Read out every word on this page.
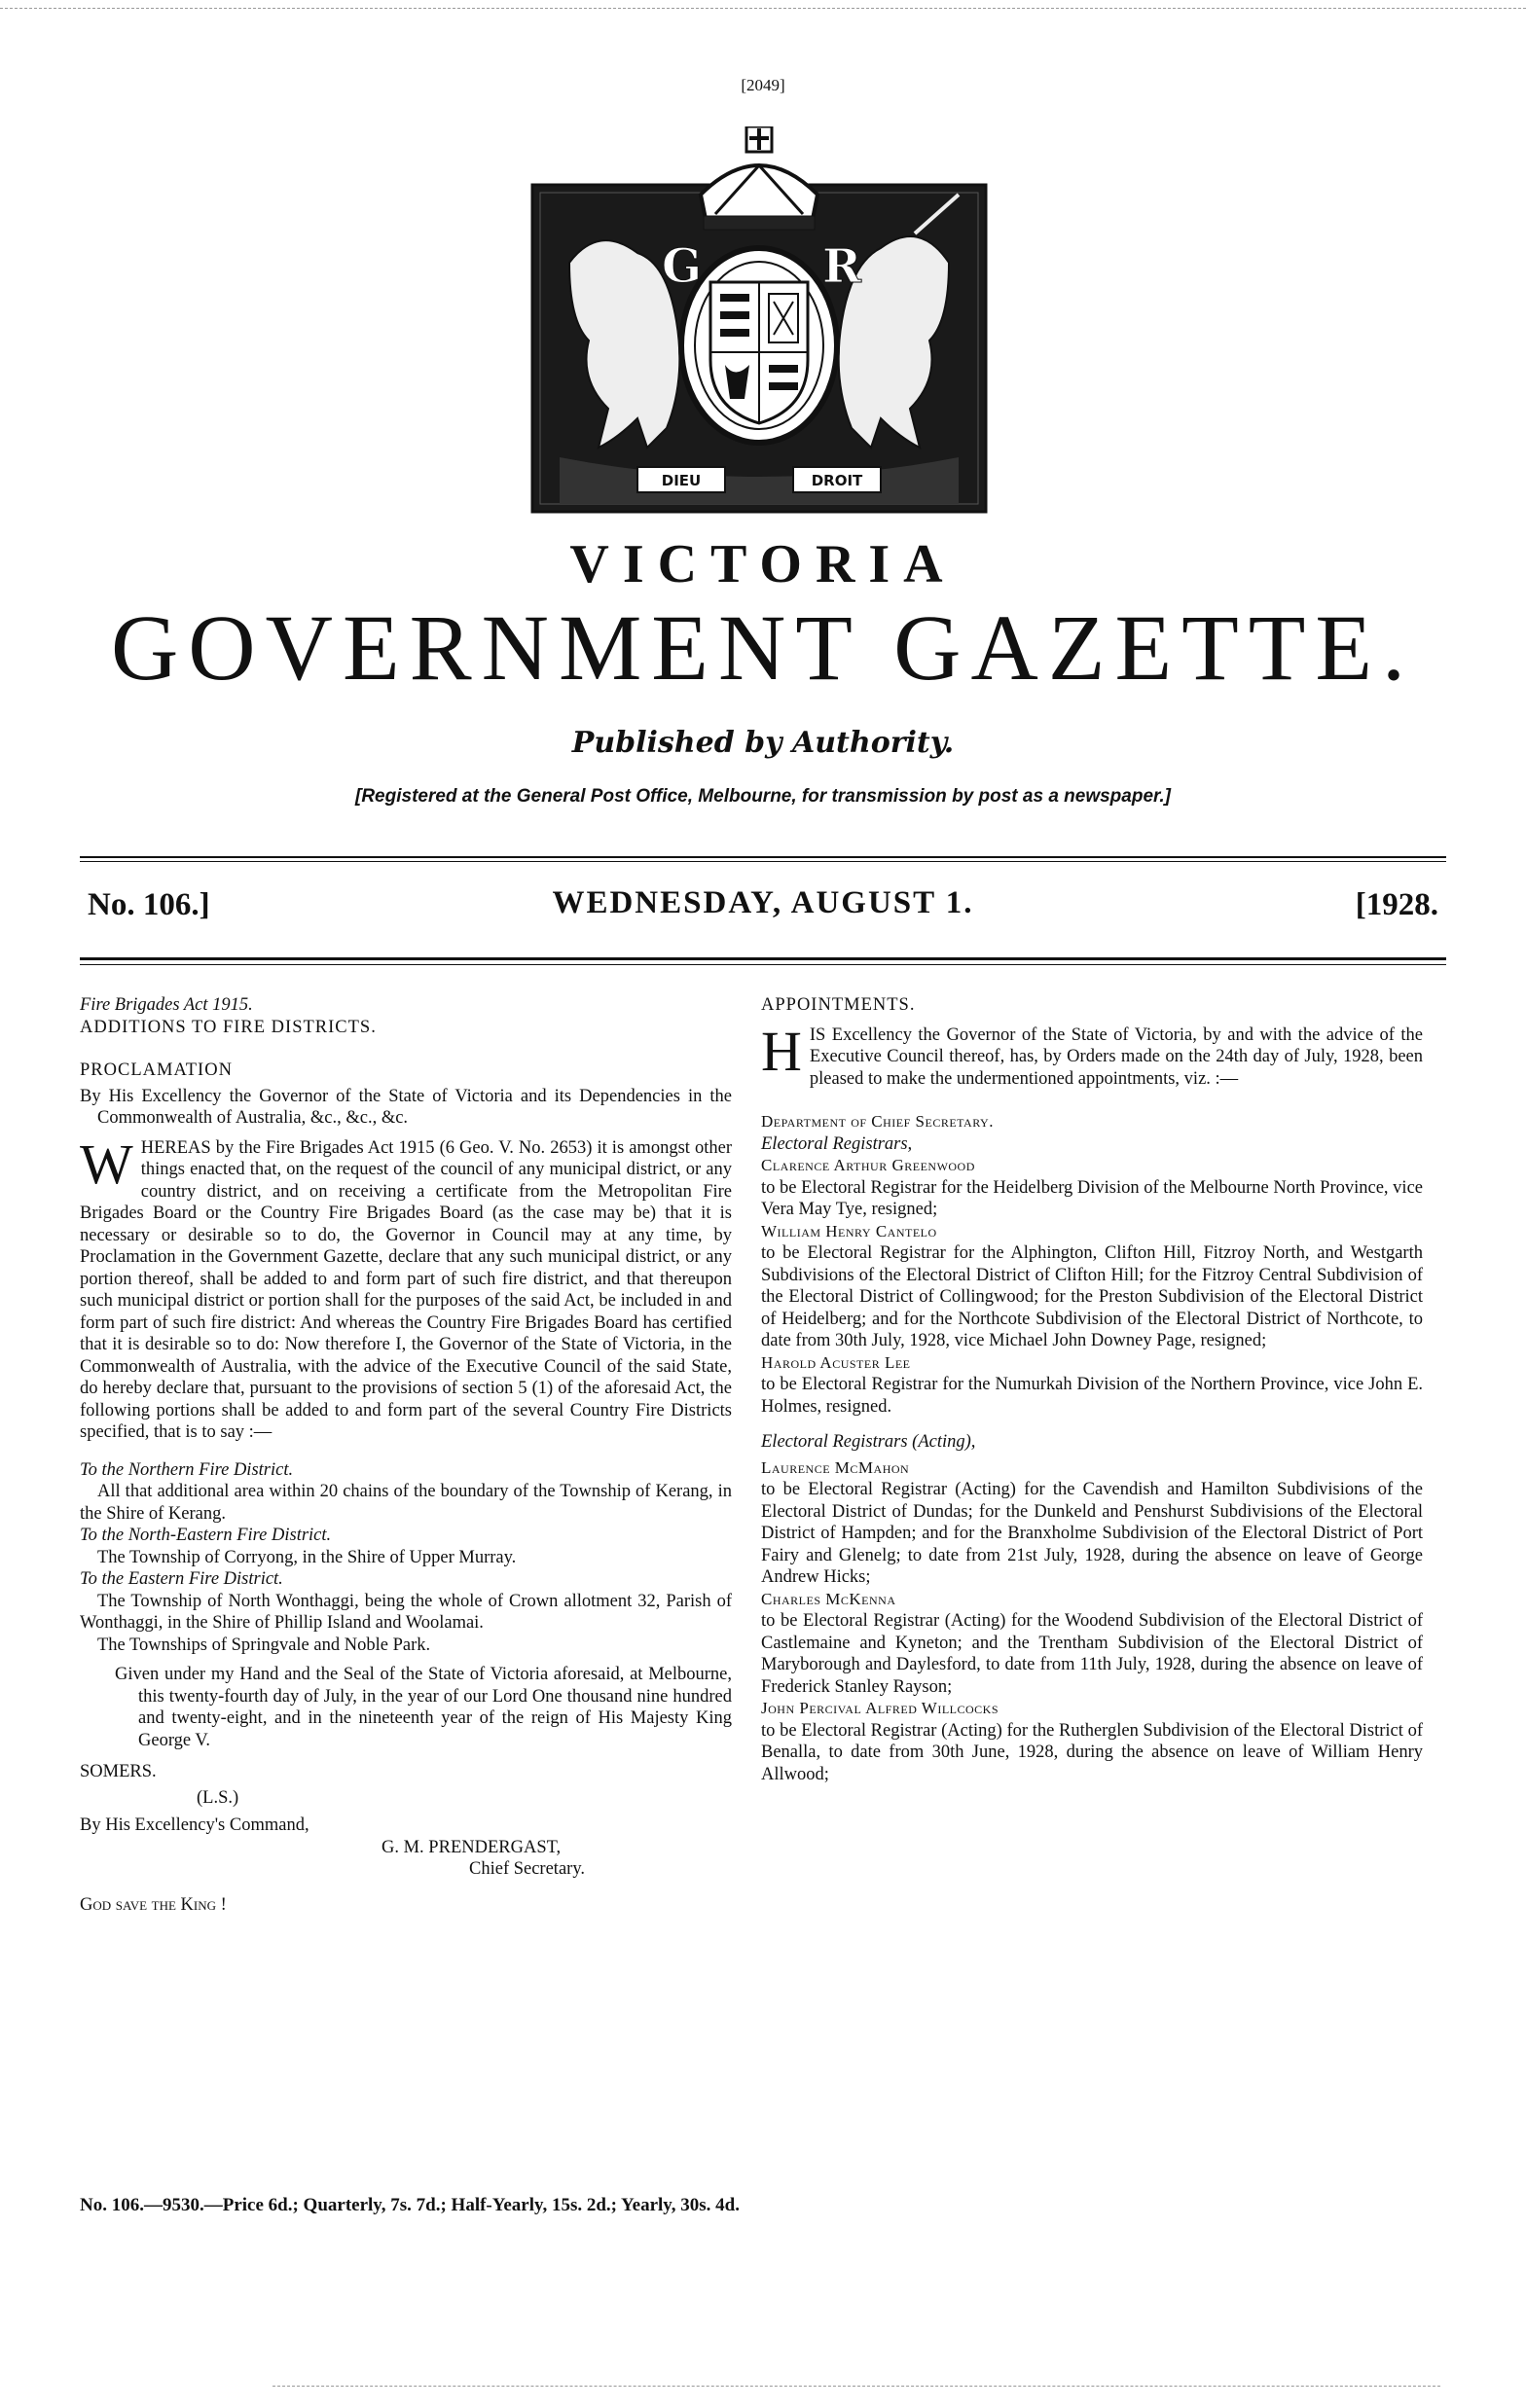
[2049]
G	R
DIEU	DROIT
VICTORIA
GOVERNMENT GAZETTE.
Published by Authority.
[Registered at the General Post Office, Melbourne, for transmission by post as a newspaper.]
No. 106.]	WEDNESDAY, AUGUST 1.	[1928.

Fire Brigades Act 1915.

ADDITIONS TO FIRE DISTRICTS.

PROCLAMATION

By His Excellency the Governor of the State of Victoria and its Dependencies in the Commonwealth of Australia, &c., &c., &c.

WHEREAS by the Fire Brigades Act 1915 (6 Geo. V. No. 2653) it is amongst other things enacted that, on the request of the council of any municipal district, or any country district, and on receiving a certificate from the Metropolitan Fire Brigades Board or the Country Fire Brigades Board (as the case may be) that it is necessary or desirable so to do, the Governor in Council may at any time, by Proclamation in the Government Gazette, declare that any such municipal district, or any portion thereof, shall be added to and form part of such fire district, and that thereupon such municipal district or portion shall for the purposes of the said Act, be included in and form part of such fire district: And whereas the Country Fire Brigades Board has certified that it is desirable so to do: Now therefore I, the Governor of the State of Victoria, in the Commonwealth of Australia, with the advice of the Executive Council of the said State, do hereby declare that, pursuant to the provisions of section 5 (1) of the aforesaid Act, the following portions shall be added to and form part of the several Country Fire Districts specified, that is to say :—

To the Northern Fire District.

All that additional area within 20 chains of the boundary of the Township of Kerang, in the Shire of Kerang.

To the North-Eastern Fire District.

The Township of Corryong, in the Shire of Upper Murray.

To the Eastern Fire District.

The Township of North Wonthaggi, being the whole of Crown allotment 32, Parish of Wonthaggi, in the Shire of Phillip Island and Woolamai.

The Townships of Springvale and Noble Park.

Given under my Hand and the Seal of the State of Victoria aforesaid, at Melbourne, this twenty-fourth day of July, in the year of our Lord One thousand nine hundred and twenty-eight, and in the nineteenth year of the reign of His Majesty King George V.

SOMERS.

(L.S.)

By His Excellency's Command,

G. M. PRENDERGAST,

Chief Secretary.

God save the King !

APPOINTMENTS.

HIS Excellency the Governor of the State of Victoria, by and with the advice of the Executive Council thereof, has, by Orders made on the 24th day of July, 1928, been pleased to make the undermentioned appointments, viz. :—

Department of Chief Secretary.

Electoral Registrars,

Clarence Arthur Greenwood

to be Electoral Registrar for the Heidelberg Division of the Melbourne North Province, vice Vera May Tye, resigned;

William Henry Cantelo

to be Electoral Registrar for the Alphington, Clifton Hill, Fitzroy North, and Westgarth Subdivisions of the Electoral District of Clifton Hill; for the Fitzroy Central Subdivision of the Electoral District of Collingwood; for the Preston Subdivision of the Electoral District of Heidelberg; and for the Northcote Subdivision of the Electoral District of Northcote, to date from 30th July, 1928, vice Michael John Downey Page, resigned;

Harold Acuster Lee

to be Electoral Registrar for the Numurkah Division of the Northern Province, vice John E. Holmes, resigned.

Electoral Registrars (Acting),

Laurence McMahon

to be Electoral Registrar (Acting) for the Cavendish and Hamilton Subdivisions of the Electoral District of Dundas; for the Dunkeld and Penshurst Subdivisions of the Electoral District of Hampden; and for the Branxholme Subdivision of the Electoral District of Port Fairy and Glenelg; to date from 21st July, 1928, during the absence on leave of George Andrew Hicks;

Charles McKenna

to be Electoral Registrar (Acting) for the Woodend Subdivision of the Electoral District of Castlemaine and Kyneton; and the Trentham Subdivision of the Electoral District of Maryborough and Daylesford, to date from 11th July, 1928, during the absence on leave of Frederick Stanley Rayson;

John Percival Alfred Willcocks

to be Electoral Registrar (Acting) for the Rutherglen Subdivision of the Electoral District of Benalla, to date from 30th June, 1928, during the absence on leave of William Henry Allwood;

No. 106.—9530.—Price 6d.; Quarterly, 7s. 7d.; Half-Yearly, 15s. 2d.; Yearly, 30s. 4d.
